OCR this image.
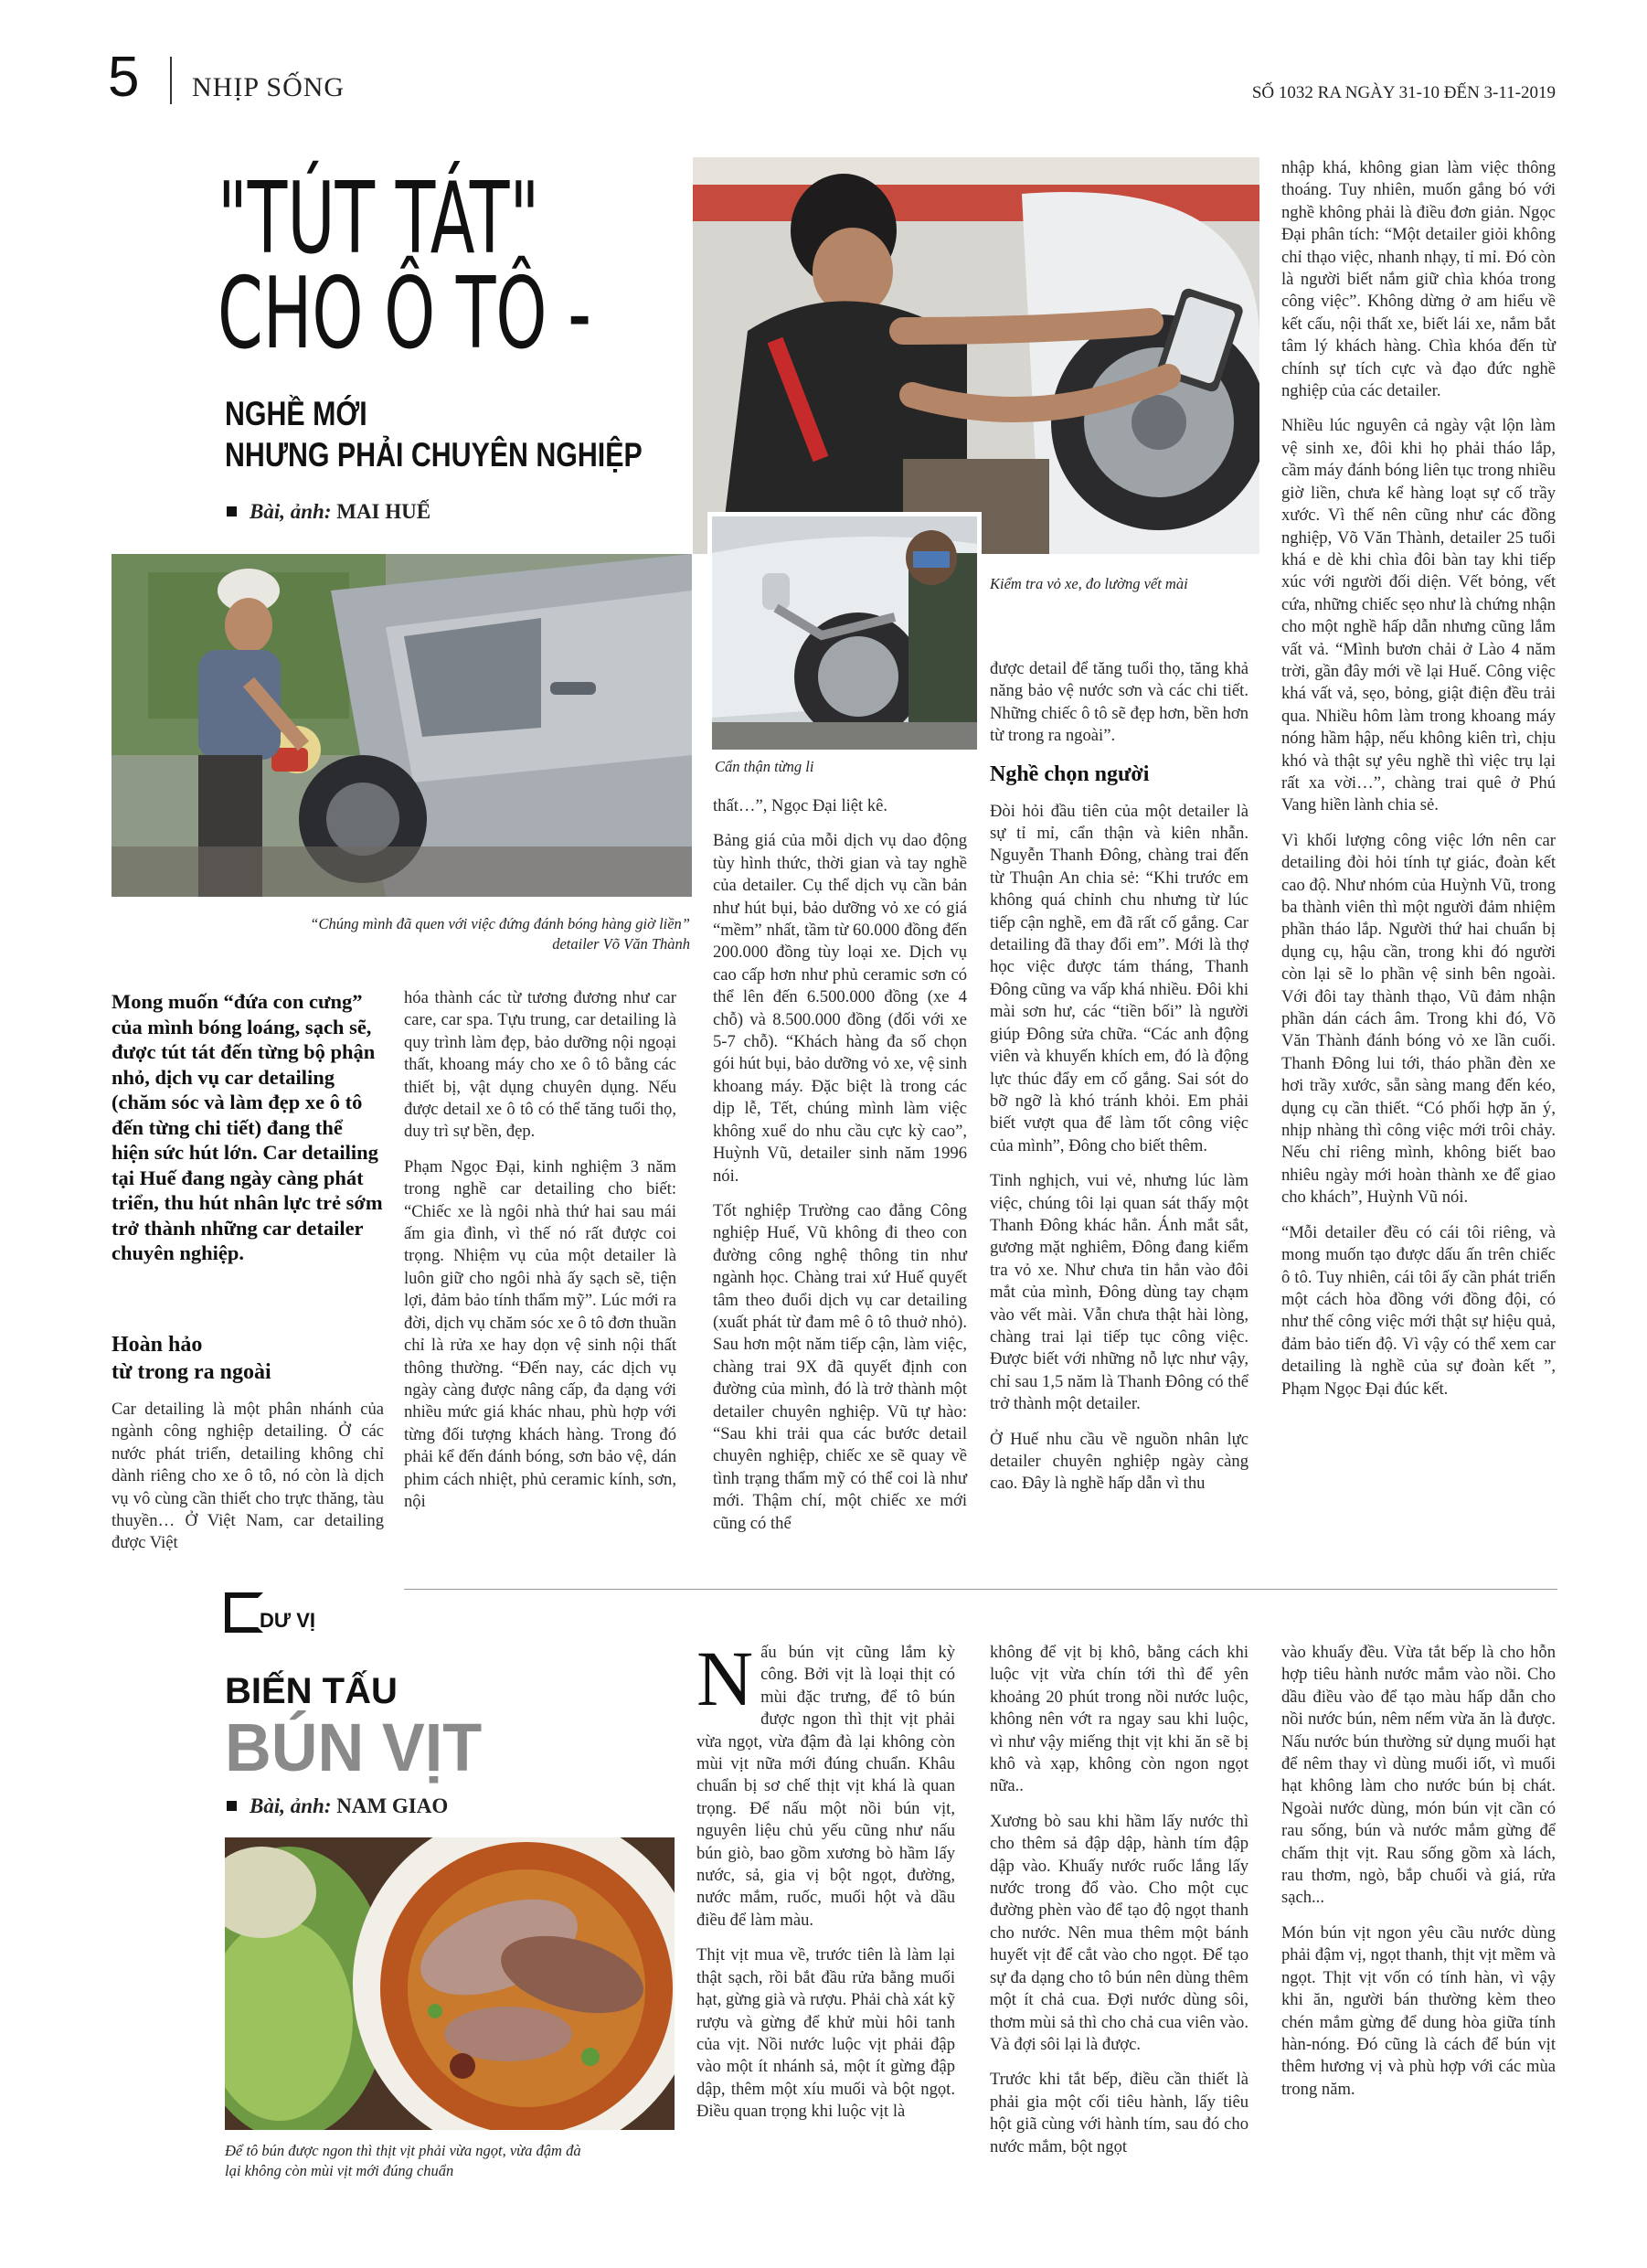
5 NHỊP SỐNG	SỐ 1032 RA NGÀY 31-10 ĐẾN 3-11-2019
"TÚT TÁT"
CHO Ô TÔ -
NGHỀ MỚI
NHƯNG PHẢI CHUYÊN NGHIỆP
Bài, ảnh: MAI HUẾ
“Chúng mình đã quen với việc đứng đánh bóng hàng giờ liền”
detailer Võ Văn Thành
Cẩn thận từng li
Kiểm tra vỏ xe, đo lường vết mài
Mong muốn “đứa con cưng” của mình bóng loáng, sạch sẽ, được tút tát đến từng bộ phận nhỏ, dịch vụ car detailing (chăm sóc và làm đẹp xe ô tô đến từng chi tiết) đang thể hiện sức hút lớn. Car detailing tại Huế đang ngày càng phát triển, thu hút nhân lực trẻ sớm trở thành những car detailer chuyên nghiệp.
Hoàn hảo
từ trong ra ngoài

Car detailing là một phân nhánh của ngành công nghiệp detailing. Ở các nước phát triển, detailing không chỉ dành riêng cho xe ô tô, nó còn là dịch vụ vô cùng cần thiết cho trực thăng, tàu thuyền… Ở Việt Nam, car detailing được Việt

hóa thành các từ tương đương như car care, car spa. Tựu trung, car detailing là quy trình làm đẹp, bảo dưỡng nội ngoại thất, khoang máy cho xe ô tô bằng các thiết bị, vật dụng chuyên dụng. Nếu được detail xe ô tô có thể tăng tuổi thọ, duy trì sự bền, đẹp.

Phạm Ngọc Đại, kinh nghiệm 3 năm trong nghề car detailing cho biết: “Chiếc xe là ngôi nhà thứ hai sau mái ấm gia đình, vì thế nó rất được coi trọng. Nhiệm vụ của một detailer là luôn giữ cho ngôi nhà ấy sạch sẽ, tiện lợi, đảm bảo tính thẩm mỹ”. Lúc mới ra đời, dịch vụ chăm sóc xe ô tô đơn thuần chỉ là rửa xe hay dọn vệ sinh nội thất thông thường. “Đến nay, các dịch vụ ngày càng được nâng cấp, đa dạng với nhiều mức giá khác nhau, phù hợp với từng đối tượng khách hàng. Trong đó phải kể đến đánh bóng, sơn bảo vệ, dán phim cách nhiệt, phủ ceramic kính, sơn, nội

thất…”, Ngọc Đại liệt kê.

Bảng giá của mỗi dịch vụ dao động tùy hình thức, thời gian và tay nghề của detailer. Cụ thể dịch vụ cần bản như hút bụi, bảo dưỡng vỏ xe có giá “mềm” nhất, tầm từ 60.000 đồng đến 200.000 đồng tùy loại xe. Dịch vụ cao cấp hơn như phủ ceramic sơn có thể lên đến 6.500.000 đồng (xe 4 chỗ) và 8.500.000 đồng (đối với xe 5-7 chỗ). “Khách hàng đa số chọn gói hút bụi, bảo dưỡng vỏ xe, vệ sinh khoang máy. Đặc biệt là trong các dịp lễ, Tết, chúng mình làm việc không xuể do nhu cầu cực kỳ cao”, Huỳnh Vũ, detailer sinh năm 1996 nói.

Tốt nghiệp Trường cao đẳng Công nghiệp Huế, Vũ không đi theo con đường công nghệ thông tin như ngành học. Chàng trai xứ Huế quyết tâm theo đuổi dịch vụ car detailing (xuất phát từ đam mê ô tô thuở nhỏ). Sau hơn một năm tiếp cận, làm việc, chàng trai 9X đã quyết định con đường của mình, đó là trở thành một detailer chuyên nghiệp. Vũ tự hào: “Sau khi trải qua các bước detail chuyên nghiệp, chiếc xe sẽ quay về tình trạng thẩm mỹ có thể coi là như mới. Thậm chí, một chiếc xe mới cũng có thể

được detail để tăng tuổi thọ, tăng khả năng bảo vệ nước sơn và các chi tiết. Những chiếc ô tô sẽ đẹp hơn, bền hơn từ trong ra ngoài”.

Nghề chọn người

Đòi hỏi đầu tiên của một detailer là sự tỉ mỉ, cẩn thận và kiên nhẫn. Nguyễn Thanh Đông, chàng trai đến từ Thuận An chia sẻ: “Khi trước em không quá chỉnh chu nhưng từ lúc tiếp cận nghề, em đã rất cố gắng. Car detailing đã thay đổi em”. Mới là thợ học việc được tám tháng, Thanh Đông cũng va vấp khá nhiều. Đôi khi mài sơn hư, các “tiền bối” là người giúp Đông sửa chữa. “Các anh động viên và khuyến khích em, đó là động lực thúc đẩy em cố gắng. Sai sót do bỡ ngỡ là khó tránh khỏi. Em phải biết vượt qua để làm tốt công việc của mình”, Đông cho biết thêm.

Tinh nghịch, vui vẻ, nhưng lúc làm việc, chúng tôi lại quan sát thấy một Thanh Đông khác hẳn. Ánh mắt sắt, gương mặt nghiêm, Đông đang kiểm tra vỏ xe. Như chưa tin hẳn vào đôi mắt của mình, Đông dùng tay chạm vào vết mài. Vẫn chưa thật hài lòng, chàng trai lại tiếp tục công việc. Được biết với những nỗ lực như vậy, chỉ sau 1,5 năm là Thanh Đông có thể trở thành một detailer.

Ở Huế nhu cầu về nguồn nhân lực detailer chuyên nghiệp ngày càng cao. Đây là nghề hấp dẫn vì thu

nhập khá, không gian làm việc thông thoáng. Tuy nhiên, muốn gắng bó với nghề không phải là điều đơn giản. Ngọc Đại phân tích: “Một detailer giỏi không chỉ thạo việc, nhanh nhạy, tỉ mỉ. Đó còn là người biết nắm giữ chìa khóa trong công việc”. Không dừng ở am hiểu về kết cấu, nội thất xe, biết lái xe, nắm bắt tâm lý khách hàng. Chìa khóa đến từ chính sự tích cực và đạo đức nghề nghiệp của các detailer.

Nhiều lúc nguyên cả ngày vật lộn làm vệ sinh xe, đôi khi họ phải tháo lắp, cầm máy đánh bóng liên tục trong nhiều giờ liền, chưa kể hàng loạt sự cố trầy xước. Vì thế nên cũng như các đồng nghiệp, Võ Văn Thành, detailer 25 tuổi khá e dè khi chìa đôi bàn tay khi tiếp xúc với người đối diện. Vết bỏng, vết cứa, những chiếc sẹo như là chứng nhận cho một nghề hấp dẫn nhưng cũng lắm vất vả. “Mình bươn chải ở Lào 4 năm trời, gần đây mới về lại Huế. Công việc khá vất vả, sẹo, bỏng, giật điện đều trải qua. Nhiều hôm làm trong khoang máy nóng hầm hập, nếu không kiên trì, chịu khó và thật sự yêu nghề thì việc trụ lại rất xa vời…”, chàng trai quê ở Phú Vang hiền lành chia sẻ.

Vì khối lượng công việc lớn nên car detailing đòi hỏi tính tự giác, đoàn kết cao độ. Như nhóm của Huỳnh Vũ, trong ba thành viên thì một người đảm nhiệm phần tháo lắp. Người thứ hai chuẩn bị dụng cụ, hậu cần, trong khi đó người còn lại sẽ lo phần vệ sinh bên ngoài. Với đôi tay thành thạo, Vũ đảm nhận phần dán cách âm. Trong khi đó, Võ Văn Thành đánh bóng vỏ xe lần cuối. Thanh Đông lui tới, tháo phần đèn xe hơi trầy xước, sẵn sàng mang đến kéo, dụng cụ cần thiết. “Có phối hợp ăn ý, nhịp nhàng thì công việc mới trôi chảy. Nếu chỉ riêng mình, không biết bao nhiêu ngày mới hoàn thành xe để giao cho khách”, Huỳnh Vũ nói.

“Mỗi detailer đều có cái tôi riêng, và mong muốn tạo được dấu ấn trên chiếc ô tô. Tuy nhiên, cái tôi ấy cần phát triển một cách hòa đồng với đồng đội, có như thế công việc mới thật sự hiệu quả, đảm bảo tiến độ. Vì vậy có thể xem car detailing là nghề của sự đoàn kết ”, Phạm Ngọc Đại đúc kết.

DƯ VỊ
BIẾN TẤU
BÚN VỊT
Bài, ảnh: NAM GIAO
Để tô bún được ngon thì thịt vịt phải vừa ngọt, vừa đậm đà
lại không còn mùi vịt mới đúng chuẩn

Nấu bún vịt cũng lắm kỳ công. Bởi vịt là loại thịt có mùi đặc trưng, để tô bún được ngon thì thịt vịt phải vừa ngọt, vừa đậm đà lại không còn mùi vịt nữa mới đúng chuẩn. Khâu chuẩn bị sơ chế thịt vịt khá là quan trọng. Để nấu một nồi bún vịt, nguyên liệu chủ yếu cũng như nấu bún giò, bao gồm xương bò hầm lấy nước, sả, gia vị bột ngọt, đường, nước mắm, ruốc, muối hột và dầu điều để làm màu.

Thịt vịt mua về, trước tiên là làm lại thật sạch, rồi bắt đầu rửa bằng muối hạt, gừng già và rượu. Phải chà xát kỹ rượu và gừng để khử mùi hôi tanh của vịt. Nồi nước luộc vịt phải đập vào một ít nhánh sả, một ít gừng đập dập, thêm một xíu muối và bột ngọt. Điều quan trọng khi luộc vịt là

không để vịt bị khô, bằng cách khi luộc vịt vừa chín tới thì để yên khoảng 20 phút trong nồi nước luộc, không nên vớt ra ngay sau khi luộc, vì như vậy miếng thịt vịt khi ăn sẽ bị khô và xạp, không còn ngon ngọt nữa..

Xương bò sau khi hầm lấy nước thì cho thêm sả đập dập, hành tím đập dập vào. Khuấy nước ruốc lắng lấy nước trong đổ vào. Cho một cục đường phèn vào để tạo độ ngọt thanh cho nước. Nên mua thêm một bánh huyết vịt để cắt vào cho ngọt. Để tạo sự đa dạng cho tô bún nên dùng thêm một ít chả cua. Đợi nước dùng sôi, thơm mùi sả thì cho chả cua viên vào. Và đợi sôi lại là được.

Trước khi tắt bếp, điều cần thiết là phải gia một cối tiêu hành, lấy tiêu hột giã cùng với hành tím, sau đó cho nước mắm, bột ngọt

vào khuấy đều. Vừa tắt bếp là cho hỗn hợp tiêu hành nước mắm vào nồi. Cho dầu điều vào để tạo màu hấp dẫn cho nồi nước bún, nêm nếm vừa ăn là được. Nấu nước bún thường sử dụng muối hạt để nêm thay vì dùng muối iốt, vì muối hạt không làm cho nước bún bị chát. Ngoài nước dùng, món bún vịt cần có rau sống, bún và nước mắm gừng để chấm thịt vịt. Rau sống gồm xà lách, rau thơm, ngò, bắp chuối và giá, rửa sạch...

Món bún vịt ngon yêu cầu nước dùng phải đậm vị, ngọt thanh, thịt vịt mềm và ngọt. Thịt vịt vốn có tính hàn, vì vậy khi ăn, người bán thường kèm theo chén mắm gừng để dung hòa giữa tính hàn-nóng. Đó cũng là cách để bún vịt thêm hương vị và phù hợp với các mùa trong năm.
